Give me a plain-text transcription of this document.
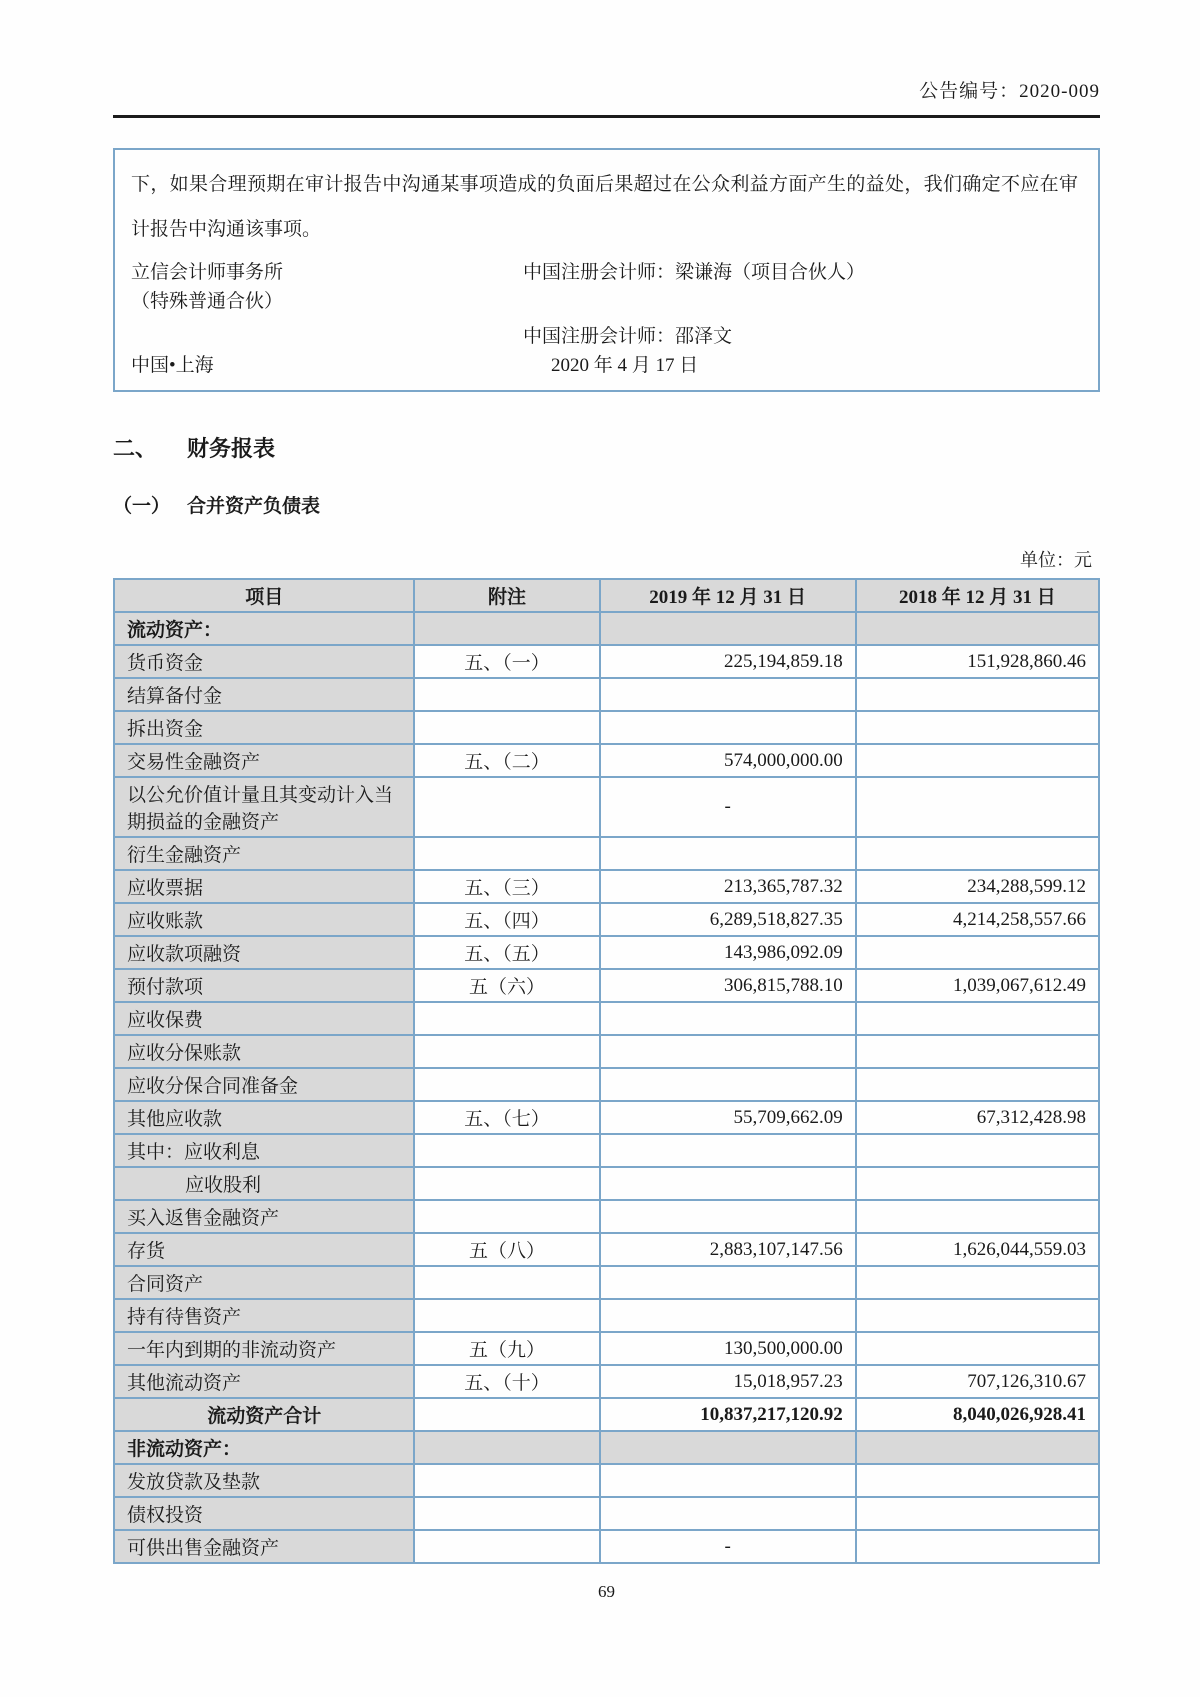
公告编号：2020-009

下，如果合理预期在审计报告中沟通某事项造成的负面后果超过在公众利益方面产生的益处，我们确定不应在审计报告中沟通该事项。

立信会计师事务所	中国注册会计师：梁谦海（项目合伙人）
（特殊普通合伙）
中国注册会计师：邵泽文
中国•上海	2020 年 4 月 17 日
二、	财务报表
（一） 合并资产负债表
单位：元
项目	附注	2019 年 12 月 31 日	2018 年 12 月 31 日
流动资产：			
货币资金	五、（一）	225,194,859.18	151,928,860.46
结算备付金			
拆出资金			
交易性金融资产	五、（二）	574,000,000.00	
以公允价值计量且其变动计入当期损益的金融资产		-	
衍生金融资产			
应收票据	五、（三）	213,365,787.32	234,288,599.12
应收账款	五、（四）	6,289,518,827.35	4,214,258,557.66
应收款项融资	五、（五）	143,986,092.09	
预付款项	五（六）	306,815,788.10	1,039,067,612.49
应收保费			
应收分保账款			
应收分保合同准备金			
其他应收款	五、（七）	55,709,662.09	67,312,428.98
其中：应收利息			
应收股利			
买入返售金融资产			
存货	五（八）	2,883,107,147.56	1,626,044,559.03
合同资产			
持有待售资产			
一年内到期的非流动资产	五（九）	130,500,000.00	
其他流动资产	五、（十）	15,018,957.23	707,126,310.67
流动资产合计		10,837,217,120.92	8,040,026,928.41
非流动资产：			
发放贷款及垫款			
债权投资			
可供出售金融资产		-	
69
